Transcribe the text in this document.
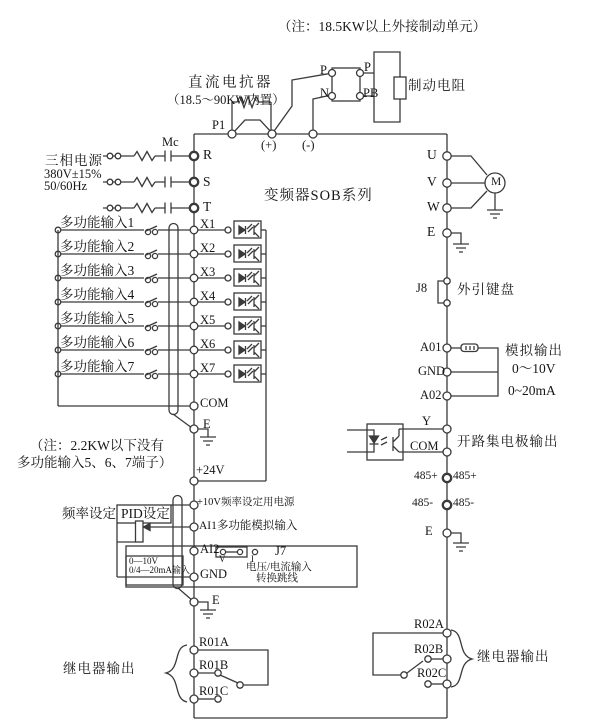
（注：18.5KW以上外接制动单元）
直流电抗器
（18.5～90KW内置）
P1
(+) (-)
P
N
P
PB 制动电阻
三相电源
380V±15%
50/60Hz
Mc
R
S
T
变频器SOB系列
多功能输入1
多功能输入2
多功能输入3
多功能输入4
多功能输入5
多功能输入6
多功能输入7
X1
X2
X3
X4
X5
X6
X7
COM
E
（注：2.2KW以下没有
多功能输入5、6、7端子） +24V
+10V频率设定用电源
AI1多功能模拟输入
频率设定 PID设定
AI2
GND
0—10V
0/4—20mA输入
V	I
J7
电压/电流输入
转换跳线
E
R01A
R01B
R01C
继电器输出
U
V
W
E
M
J8 外引键盘
A01
GND
A02
模拟输出
0～10V
0~20mA
Y
COM 开路集电极输出
485+ 485+
485- 485-
E
R02A
R02B
R02C
继电器输出
